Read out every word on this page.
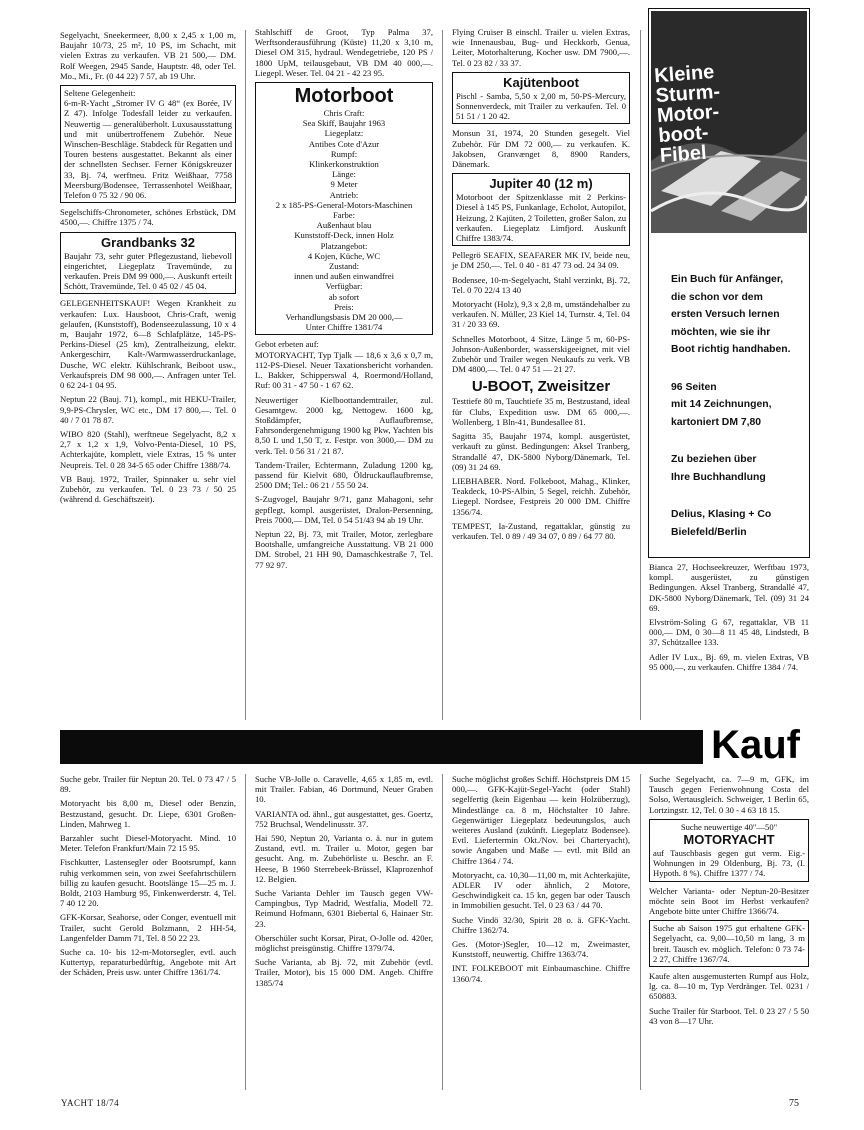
Segelyacht, Sneekermeer, 8,00 x 2,45 x 1,00 m, Baujahr 10/73, 25 m², 10 PS, im Schacht, mit vielen Extras zu verkaufen. VB 21 500,— DM. Rolf Weegen, 2945 Sande, Hauptstr. 48, oder Tel. Mo., Mi., Fr. (0 44 22) 7 57, ab 19 Uhr.
Seltene Gelegenheit:
6-m-R-Yacht „Stromer IV G 48“ (ex Borée, IV Z 47). Infolge Todesfall leider zu verkaufen. Neuwertig — generalüberholt. Luxusausstattung und mit unübertroffenem Zubehör. Neue Winschen-Beschläge. Stabdeck für Regatten und Touren bestens ausgestattet. Bekannt als einer der schnellsten Sechser. Ferner Königskreuzer 33, Bj. 74, werftneu. Fritz Weißhaar, 7758 Meersburg/Bodensee, Terrassenhotel Weißhaar, Telefon 0 75 32 / 90 06.
Segelschiffs-Chronometer, schönes Erbstück, DM 4500,—. Chiffre 1375 / 74.
Grandbanks 32
Baujahr 73, sehr guter Pflegezustand, liebevoll eingerichtet, Liegeplatz Travemünde, zu verkaufen. Preis DM 99 000,—. Auskunft erteilt Schött, Travemünde, Tel. 0 45 02 / 45 04.
GELEGENHEITSKAUF! Wegen Krankheit zu verkaufen: Lux. Hausboot, Chris-Craft, wenig gelaufen, (Kunststoff), Bodenseezulassung, 10 x 4 m, Baujahr 1972, 6—8 Schlafplätze, 145-PS-Perkins-Diesel (25 km), Zentralheizung, elektr. Ankergeschirr, Kalt-/Warmwasserdruckanlage, Dusche, WC elektr. Kühlschrank, Beiboot usw., Verkaufspreis DM 98 000,—. Anfragen unter Tel. 0 62 24-1 04 95.
Neptun 22 (Bauj. 71), kompl., mit HEKU-Trailer, 9,9-PS-Chrysler, WC etc., DM 17 800,—. Tel. 0 40 / 7 01 78 87.
WIBO 820 (Stahl), werftneue Segelyacht, 8,2 x 2,7 x 1,2 x 1,9, Volvo-Penta-Diesel, 10 PS, Achterkajüte, komplett, viele Extras, 15 % unter Neupreis. Tel. 0 28 34-5 65 oder Chiffre 1388/74.
VB Bauj. 1972, Trailer, Spinnaker u. sehr viel Zubehör, zu verkaufen. Tel. 0 23 73 / 50 25 (während d. Geschäftszeit).
Stahlschiff de Groot, Typ Palma 37, Werftsonderausführung (Küste) 11,20 x 3,10 m, Diesel OM 315, hydraul. Wendegetriebe, 120 PS / 1800 UpM, teilausgebaut, VB DM 40 000,—. Liegepl. Weser. Tel. 04 21 - 42 23 95.
Motorboot
Chris Craft:
Sea Skiff, Baujahr 1963
Liegeplatz:
Antibes Cote d'Azur
Rumpf:
Klinkerkonstruktion
Länge:
9 Meter
Antrieb:
2 x 185-PS-General-Motors-Maschinen
Farbe:
Außenhaut blau
Kunststoff-Deck, innen Holz
Platzangebot:
4 Kojen, Küche, WC
Zustand:
innen und außen einwandfrei
Verfügbar:
ab sofort
Preis:
Verhandlungsbasis DM 20 000,—
Unter Chiffre 1381/74
Gebot erbeten auf:
MOTORYACHT, Typ Tjalk — 18,6 x 3,6 x 0,7 m, 112-PS-Diesel. Neuer Taxationsbericht vorhanden. L. Bakker, Schipperswal 4, Roermond/Holland, Ruf: 00 31 - 47 50 - 1 67 62.
Neuwertiger Kielboottandemtrailer, zul. Gesamtgew. 2000 kg, Nettogew. 1600 kg, Stoßdämpfer, Auflaufbremse, Fahrsondergenehmigung 1900 kg Pkw, Yachten bis 8,50 L und 1,50 T, z. Festpr. von 3000,— DM zu verk. Tel. 0 56 31 / 21 87.
Tandem-Trailer, Echtermann, Zuladung 1200 kg, passend für Kielvit 680, Öldruckauflaufbremse, 2500 DM; Tel.: 06 21 / 55 50 24.
S-Zugvogel, Baujahr 9/71, ganz Mahagoni, sehr gepflegt, kompl. ausgerüstet, Dralon-Persenning, Preis 7000,— DM, Tel. 0 54 51/43 94 ab 19 Uhr.
Neptun 22, Bj. 73, mit Trailer, Motor, zerlegbare Bootshalle, umfangreiche Ausstattung. VB 21 000 DM. Strobel, 21 HH 90, Damaschkestraße 7, Tel. 77 92 97.
Flying Cruiser B einschl. Trailer u. vielen Extras, wie Innenausbau, Bug- und Heckkorb, Genua, Leiter, Motorhalterung, Kocher usw. DM 7900,—. Tel. 0 23 82 / 33 37.
Kajütenboot
Pischl - Samba, 5,50 x 2,00 m, 50-PS-Mercury, Sonnenverdeck, mit Trailer zu verkaufen. Tel. 0 51 51 / 1 20 42.
Monsun 31, 1974, 20 Stunden gesegelt. Viel Zubehör. Für DM 72 000,— zu verkaufen. K. Jakobsen, Granvænget 8, 8900 Randers, Dänemark.
Jupiter 40 (12 m)
Motorboot der Spitzenklasse mit 2 Perkins-Diesel à 145 PS, Funkanlage, Echolot, Autopilot, Heizung, 2 Kajüten, 2 Toiletten, großer Salon, zu verkaufen. Liegeplatz Limfjord. Auskunft Chiffre 1383/74.
Pellegrö SEAFIX, SEAFARER MK IV, beide neu, je DM 250,—. Tel. 0 40 - 81 47 73 od. 24 34 09.
Bodensee, 10-m-Segelyacht, Stahl verzinkt, Bj. 72, Tel. 0 70 22/4 13 40
Motoryacht (Holz), 9,3 x 2,8 m, umständehalber zu verkaufen. N. Müller, 23 Kiel 14, Turnstr. 4, Tel. 04 31 / 20 33 69.
Schnelles Motorboot, 4 Sitze, Länge 5 m, 60-PS-Johnson-Außenborder, wasserskigeeignet, mit viel Zubehör und Trailer wegen Neukaufs zu verk. VB DM 4800,—. Tel. 0 47 51 — 21 27.
U-BOOT, Zweisitzer
Testtiefe 80 m, Tauchtiefe 35 m, Bestzustand, ideal für Clubs, Expedition usw. DM 65 000,—. Wollenberg, 1 Bln-41, Bundesallee 81.
Sagitta 35, Baujahr 1974, kompl. ausgerüstet, verkauft zu günst. Bedingungen: Aksel Tranberg, Strandallé 47, DK-5800 Nyborg/Dänemark, Tel. (09) 31 24 69.
LIEBHABER. Nord. Folkeboot, Mahag., Klinker, Teakdeck, 10-PS-Albin, 5 Segel, reichh. Zubehör, Liegepl. Nordsee, Festpreis 20 000 DM. Chiffre 1356/74.
TEMPEST, Ia-Zustand, regattaklar, günstig zu verkaufen. Tel. 0 89 / 49 34 07, 0 89 / 64 77 80.
Bianca 27, Hochseekreuzer, Werftbau 1973, kompl. ausgerüstet, zu günstigen Bedingungen. Aksel Tranberg, Strandallé 47, DK-5800 Nyborg/Dänemark, Tel. (09) 31 24 69.
Elvström-Soling G 67, regattaklar, VB 11 000,— DM, 0 30—8 11 45 48, Lindstedt, B 37, Schützallee 133.
Adler IV Lux., Bj. 69, m. vielen Extras, VB 95 000,—, zu verkaufen. Chiffre 1384 / 74.
Kleine Sturm-Motor-boot-Fibel
Ein Buch für Anfänger,
die schon vor dem
ersten Versuch lernen
möchten, wie sie ihr
Boot richtig handhaben.
96 Seiten
mit 14 Zeichnungen,
kartoniert DM 7,80
Zu beziehen über
Ihre Buchhandlung
Delius, Klasing + Co
Bielefeld/Berlin
Kauf
Suche gebr. Trailer für Neptun 20. Tel. 0 73 47 / 5 89.
Motoryacht bis 8,00 m, Diesel oder Benzin, Bestzustand, gesucht. Dr. Liepe, 6301 Großen-Linden, Mahrweg 1.
Barzahler sucht Diesel-Motoryacht. Mind. 10 Meter. Telefon Frankfurt/Main 72 15 95.
Fischkutter, Lastensegler oder Bootsrumpf, kann ruhig verkommen sein, von zwei Seefahrtschülern billig zu kaufen gesucht. Bootslänge 15—25 m. J. Boldt, 2103 Hamburg 95, Finkenwerderstr. 4, Tel. 7 40 12 20.
GFK-Korsar, Seahorse, oder Conger, eventuell mit Trailer, sucht Gerold Bolzmann, 2 HH-54, Langenfelder Damm 71, Tel. 8 50 22 23.
Suche ca. 10- bis 12-m-Motorsegler, evtl. auch Kuttertyp, reparaturbedürftig, Angebote mit Art der Schäden, Preis usw. unter Chiffre 1361/74.
Suche VB-Jolle o. Caravelle, 4,65 x 1,85 m, evtl. mit Trailer. Fabian, 46 Dortmund, Neuer Graben 10.
VARIANTA od. ähnl., gut ausgestattet, ges. Goertz, 752 Bruchsal, Wendelinusstr. 37.
Hai 590, Neptun 20, Varianta o. ä. nur in gutem Zustand, evtl. m. Trailer u. Motor, gegen bar gesucht. Ang. m. Zubehörliste u. Beschr. an F. Heese, B 1960 Sterrebeek-Brüssel, Klaprozenhof 12. Belgien.
Suche Varianta Dehler im Tausch gegen VW-Campingbus, Typ Madrid, Westfalia, Modell 72. Reimund Hofmann, 6301 Biebertal 6, Hainaer Str. 23.
Oberschüler sucht Korsar, Pirat, O-Jolle od. 420er, möglichst preisgünstig. Chiffre 1379/74.
Suche Varianta, ab Bj. 72, mit Zubehör (evtl. Trailer, Motor), bis 15 000 DM. Angeb. Chiffre 1385/74
Suche möglichst großes Schiff. Höchstpreis DM 15 000,—. GFK-Kajüt-Segel-Yacht (oder Stahl) segelfertig (kein Eigenbau — kein Holzüberzug), Mindestlänge ca. 8 m, Höchstalter 10 Jahre. Gegenwärtiger Liegeplatz bedeutungslos, auch weiteres Ausland (zukünft. Liegeplatz Bodensee). Evtl. Liefertermin Okt./Nov. bei Charteryacht), sowie Angaben und Maße — evtl. mit Bild an Chiffre 1364 / 74.
Motoryacht, ca. 10,30—11,00 m, mit Achterkajüte, ADLER IV oder ähnlich, 2 Motore, Geschwindigkeit ca. 15 kn, gegen bar oder Tausch in Immobilien gesucht. Tel. 0 23 63 / 44 70.
Suche Vindö 32/30, Spirit 28 o. ä. GFK-Yacht. Chiffre 1362/74.
Ges. (Motor-)Segler, 10—12 m, Zweimaster, Kunststoff, neuwertig. Chiffre 1363/74.
INT. FOLKEBOOT mit Einbaumaschine. Chiffre 1360/74.
Suche Segelyacht, ca. 7—9 m, GFK, im Tausch gegen Ferienwohnung Costa del Solso, Wertausgleich. Schweiger, 1 Berlin 65, Lortzingstr. 12, Tel. 0 30 - 4 63 18 15.
Suche neuwertige 40"—50"
MOTORYACHT
auf Tauschbasis gegen gut verm. Eig.-Wohnungen in 29 Oldenburg, Bj. 73, (I. Hypoth. 8 %). Chiffre 1377 / 74.
Welcher Varianta- oder Neptun-20-Besitzer möchte sein Boot im Herbst verkaufen? Angebote bitte unter Chiffre 1366/74.
Suche ab Saison 1975 gut erhaltene GFK-Segelyacht, ca. 9,00—10,50 m lang, 3 m breit. Tausch ev. möglich. Telefon: 0 73 74-2 27, Chiffre 1367/74.
Kaufe alten ausgemusterten Rumpf aus Holz, lg. ca. 8—10 m, Typ Verdränger. Tel. 0231 / 650883.
Suche Trailer für Starboot. Tel. 0 23 27 / 5 50 43 von 8—17 Uhr.
YACHT 18/74	75
